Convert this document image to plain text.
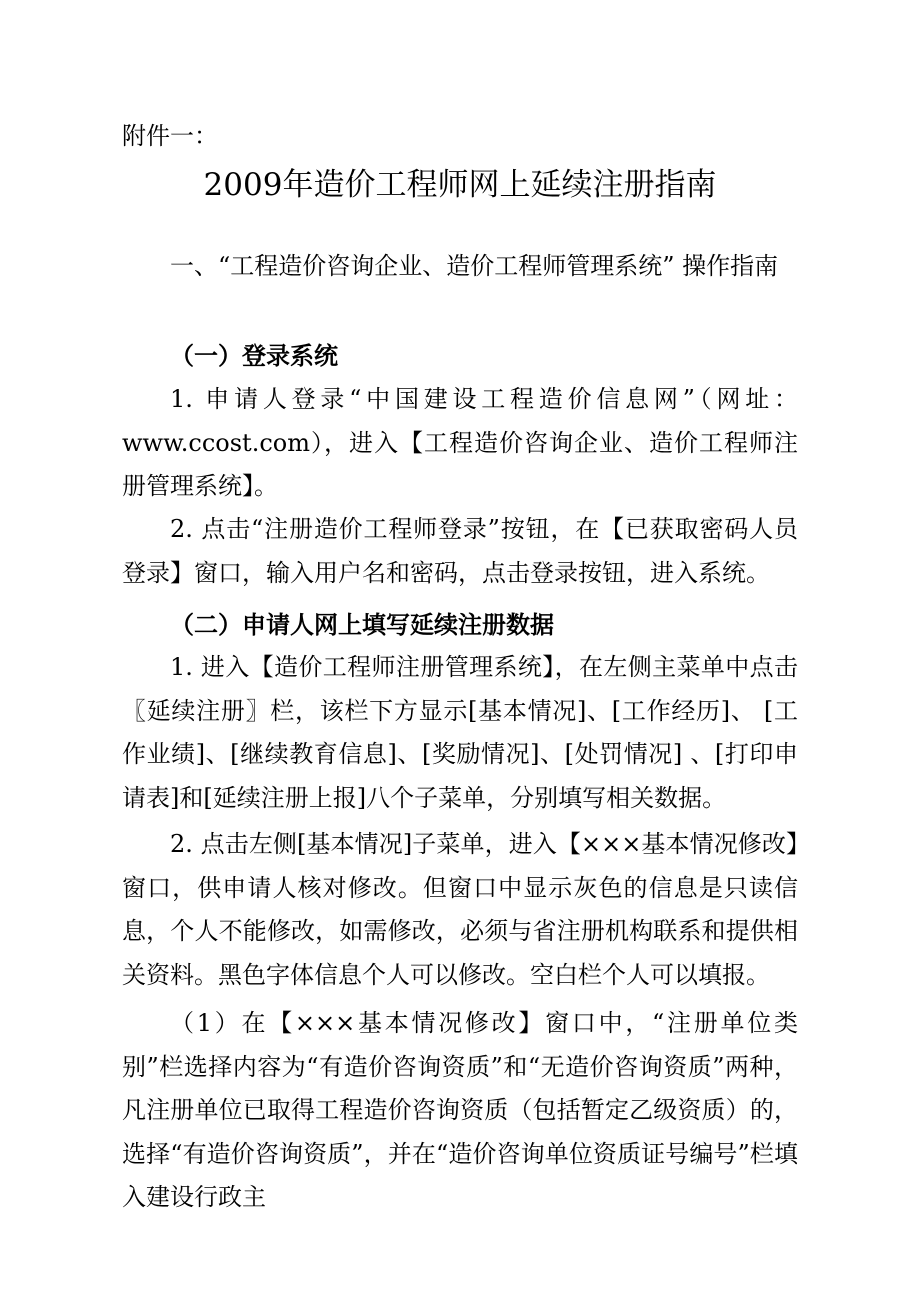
附件一：
2009年造价工程师网上延续注册指南

一、“工程造价咨询企业、造价工程师管理系统” 操作指南

（一）登录系统

1. 申请人登录“中国建设工程造价信息网”（网址：www.ccost.com），进入【工程造价咨询企业、造价工程师注册管理系统】。

2. 点击“注册造价工程师登录”按钮，在【已获取密码人员登录】窗口，输入用户名和密码，点击登录按钮，进入系统。

（二）申请人网上填写延续注册数据

1. 进入【造价工程师注册管理系统】，在左侧主菜单中点击〖延续注册〗栏，该栏下方显示[基本情况]、[工作经历]、 [工作业绩]、[继续教育信息]、[奖励情况]、[处罚情况] 、[打印申请表]和[延续注册上报]八个子菜单，分别填写相关数据。

2. 点击左侧[基本情况]子菜单，进入【×××基本情况修改】窗口，供申请人核对修改。但窗口中显示灰色的信息是只读信息，个人不能修改，如需修改，必须与省注册机构联系和提供相关资料。黑色字体信息个人可以修改。空白栏个人可以填报。

（1）在【×××基本情况修改】窗口中，“注册单位类别”栏选择内容为“有造价咨询资质”和“无造价咨询资质”两种，凡注册单位已取得工程造价咨询资质（包括暂定乙级资质）的，选择“有造价咨询资质”，并在“造价咨询单位资质证号编号”栏填入建设行政主
